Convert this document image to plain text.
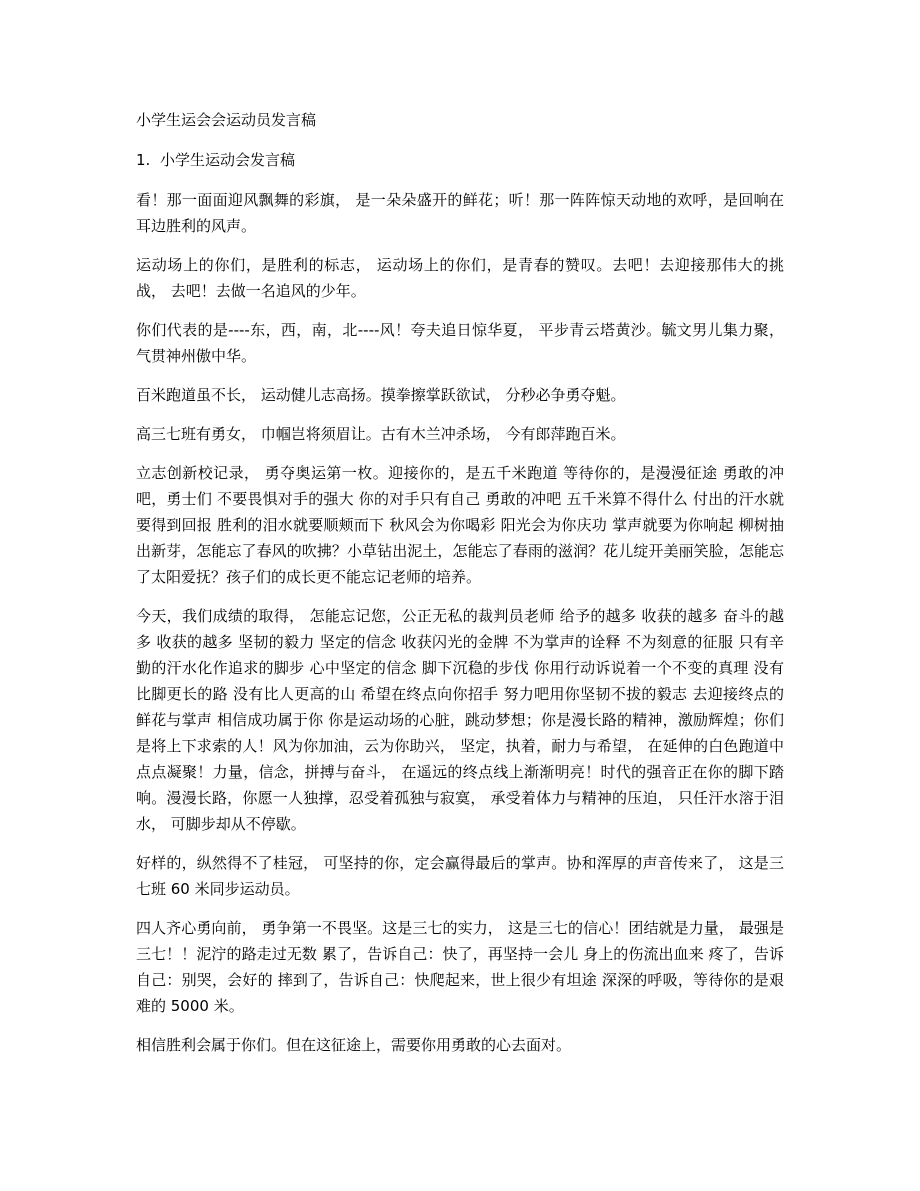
小学生运会会运动员发言稿
1. 小学生运动会发言稿

看！那一面面迎风飘舞的彩旗， 是一朵朵盛开的鲜花；听！那一阵阵惊天动地的欢呼，是回响在耳边胜利的风声。

运动场上的你们，是胜利的标志， 运动场上的你们，是青春的赞叹。去吧！去迎接那伟大的挑战， 去吧！去做一名追风的少年。

你们代表的是----东，西，南，北----风！夸夫追日惊华夏， 平步青云塔黄沙。毓文男儿集力聚， 气贯神州傲中华。

百米跑道虽不长， 运动健儿志高扬。摸拳擦掌跃欲试， 分秒必争勇夺魁。

高三七班有勇女， 巾帼岂将须眉让。古有木兰冲杀场， 今有郎萍跑百米。

立志创新校记录， 勇夺奥运第一枚。迎接你的，是五千米跑道 等待你的，是漫漫征途 勇敢的冲吧，勇士们 不要畏惧对手的强大 你的对手只有自己 勇敢的冲吧 五千米算不得什么 付出的汗水就要得到回报 胜利的泪水就要顺颊而下 秋风会为你喝彩 阳光会为你庆功 掌声就要为你响起 柳树抽出新芽，怎能忘了春风的吹拂？小草钻出泥土，怎能忘了春雨的滋润？花儿绽开美丽笑脸，怎能忘了太阳爱抚？孩子们的成长更不能忘记老师的培养。

今天，我们成绩的取得， 怎能忘记您，公正无私的裁判员老师 给予的越多 收获的越多 奋斗的越多 收获的越多 坚韧的毅力 坚定的信念 收获闪光的金牌 不为掌声的诠释 不为刻意的征服 只有辛勤的汗水化作追求的脚步 心中坚定的信念 脚下沉稳的步伐 你用行动诉说着一个不变的真理 没有比脚更长的路 没有比人更高的山 希望在终点向你招手 努力吧用你坚韧不拔的毅志 去迎接终点的鲜花与掌声 相信成功属于你 你是运动场的心脏，跳动梦想；你是漫长路的精神，激励辉煌；你们是将上下求索的人！风为你加油，云为你助兴， 坚定，执着，耐力与希望， 在延伸的白色跑道中点点凝聚！力量，信念，拼搏与奋斗， 在遥远的终点线上渐渐明亮！时代的强音正在你的脚下踏响。漫漫长路，你愿一人独撑，忍受着孤独与寂寞， 承受着体力与精神的压迫， 只任汗水溶于泪水， 可脚步却从不停歇。

好样的，纵然得不了桂冠， 可坚持的你，定会赢得最后的掌声。协和浑厚的声音传来了， 这是三七班 60 米同步运动员。

四人齐心勇向前， 勇争第一不畏坚。这是三七的实力， 这是三七的信心！团结就是力量， 最强是三七！！泥泞的路走过无数 累了，告诉自己：快了，再坚持一会儿 身上的伤流出血来 疼了，告诉自己：别哭，会好的 摔到了，告诉自己：快爬起来，世上很少有坦途 深深的呼吸，等待你的是艰难的 5000 米。

相信胜利会属于你们。但在这征途上，需要你用勇敢的心去面对。
